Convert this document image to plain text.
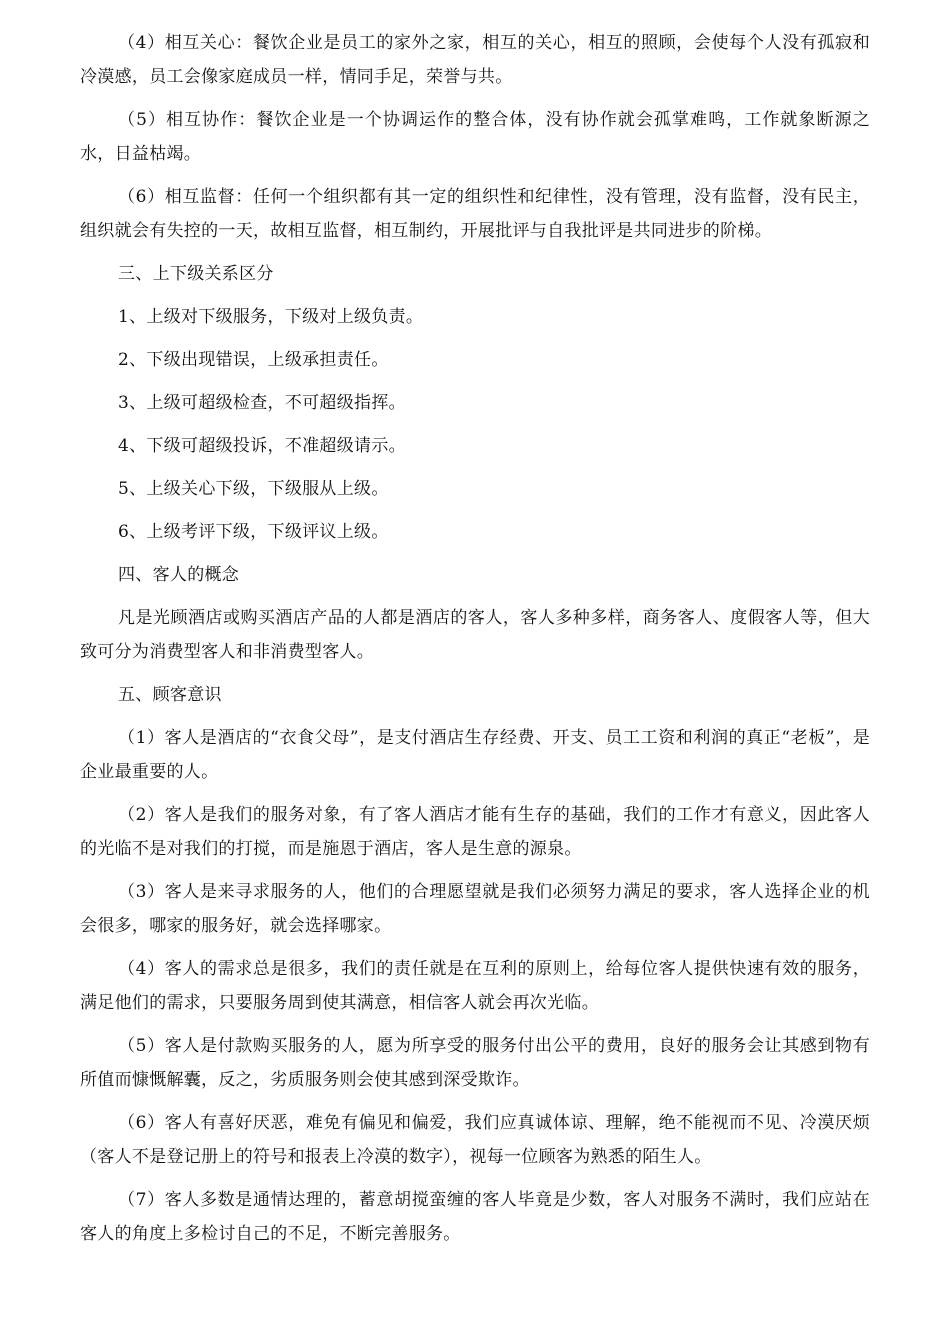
（4）相互关心：餐饮企业是员工的家外之家，相互的关心，相互的照顾，会使每个人没有孤寂和冷漠感，员工会像家庭成员一样，情同手足，荣誉与共。

（5）相互协作：餐饮企业是一个协调运作的整合体，没有协作就会孤掌难鸣，工作就象断源之水，日益枯竭。

（6）相互监督：任何一个组织都有其一定的组织性和纪律性，没有管理，没有监督，没有民主，组织就会有失控的一天，故相互监督，相互制约，开展批评与自我批评是共同进步的阶梯。

三、上下级关系区分

1、上级对下级服务，下级对上级负责。

2、下级出现错误，上级承担责任。

3、上级可超级检查，不可超级指挥。

4、下级可超级投诉，不准超级请示。

5、上级关心下级，下级服从上级。

6、上级考评下级，下级评议上级。

四、客人的概念

凡是光顾酒店或购买酒店产品的人都是酒店的客人，客人多种多样，商务客人、度假客人等，但大致可分为消费型客人和非消费型客人。

五、顾客意识

（1）客人是酒店的“衣食父母”，是支付酒店生存经费、开支、员工工资和利润的真正“老板”，是企业最重要的人。

（2）客人是我们的服务对象，有了客人酒店才能有生存的基础，我们的工作才有意义，因此客人的光临不是对我们的打搅，而是施恩于酒店，客人是生意的源泉。

（3）客人是来寻求服务的人，他们的合理愿望就是我们必须努力满足的要求，客人选择企业的机会很多，哪家的服务好，就会选择哪家。

（4）客人的需求总是很多，我们的责任就是在互利的原则上，给每位客人提供快速有效的服务，满足他们的需求，只要服务周到使其满意，相信客人就会再次光临。

（5）客人是付款购买服务的人，愿为所享受的服务付出公平的费用，良好的服务会让其感到物有所值而慷慨解囊，反之，劣质服务则会使其感到深受欺诈。

（6）客人有喜好厌恶，难免有偏见和偏爱，我们应真诚体谅、理解，绝不能视而不见、冷漠厌烦（客人不是登记册上的符号和报表上冷漠的数字），视每一位顾客为熟悉的陌生人。

（7）客人多数是通情达理的，蓄意胡搅蛮缠的客人毕竟是少数，客人对服务不满时，我们应站在客人的角度上多检讨自己的不足，不断完善服务。
